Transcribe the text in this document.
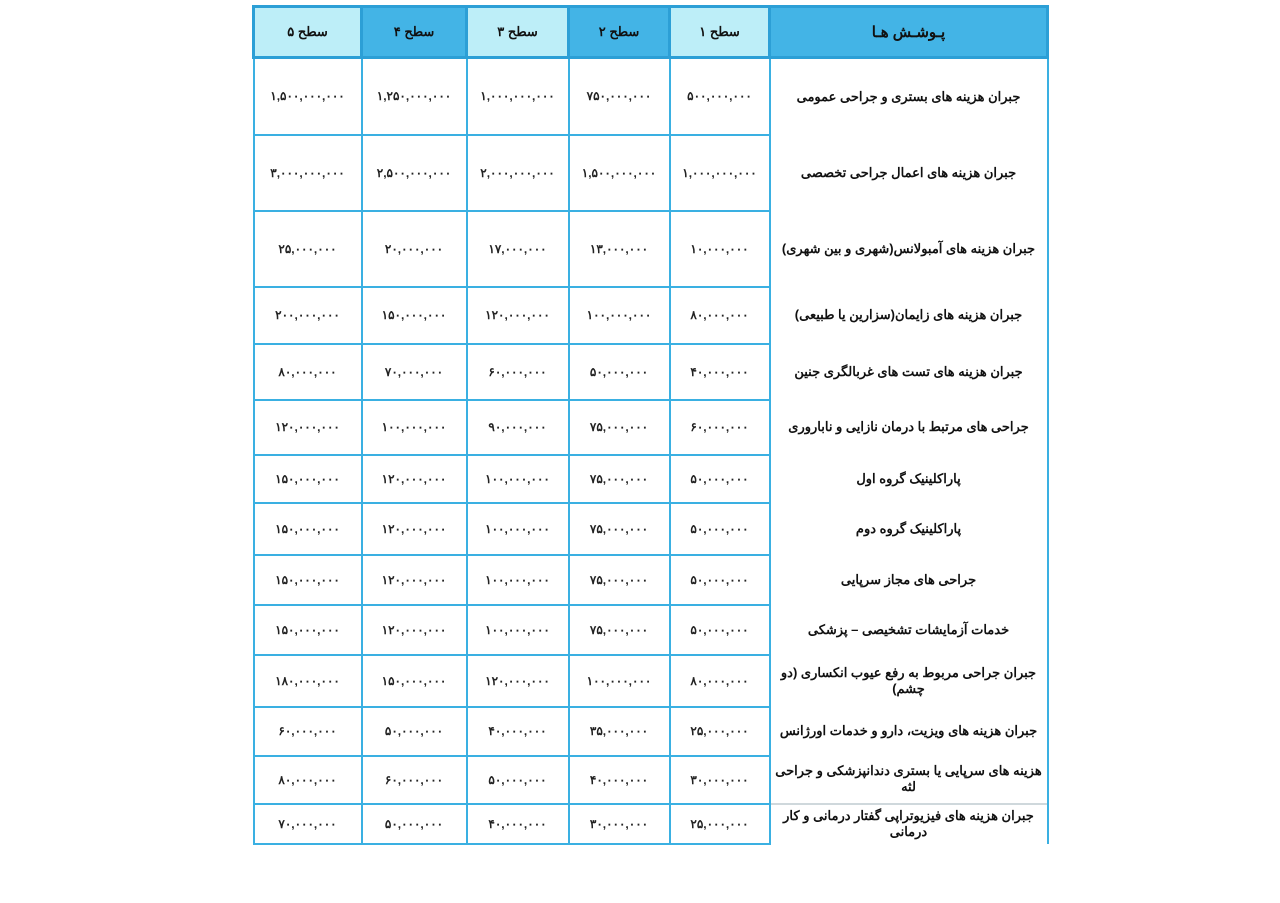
سطح ۵	سطح ۴	سطح ۳	سطح ۲	سطح ۱	پـوشـش هـا
۱,۵۰۰,۰۰۰,۰۰۰	۱,۲۵۰,۰۰۰,۰۰۰	۱,۰۰۰,۰۰۰,۰۰۰	۷۵۰,۰۰۰,۰۰۰	۵۰۰,۰۰۰,۰۰۰	جبران هزینه های بستری و جراحی عمومی
۳,۰۰۰,۰۰۰,۰۰۰	۲,۵۰۰,۰۰۰,۰۰۰	۲,۰۰۰,۰۰۰,۰۰۰	۱,۵۰۰,۰۰۰,۰۰۰	۱,۰۰۰,۰۰۰,۰۰۰	جبران هزینه های اعمال جراحی تخصصی
۲۵,۰۰۰,۰۰۰	۲۰,۰۰۰,۰۰۰	۱۷,۰۰۰,۰۰۰	۱۳,۰۰۰,۰۰۰	۱۰,۰۰۰,۰۰۰	جبران هزینه های آمبولانس(شهری و بین شهری)
۲۰۰,۰۰۰,۰۰۰	۱۵۰,۰۰۰,۰۰۰	۱۲۰,۰۰۰,۰۰۰	۱۰۰,۰۰۰,۰۰۰	۸۰,۰۰۰,۰۰۰	جبران هزینه های زایمان(سزارین یا طبیعی)
۸۰,۰۰۰,۰۰۰	۷۰,۰۰۰,۰۰۰	۶۰,۰۰۰,۰۰۰	۵۰,۰۰۰,۰۰۰	۴۰,۰۰۰,۰۰۰	جبران هزینه های تست های غربالگری جنین
۱۲۰,۰۰۰,۰۰۰	۱۰۰,۰۰۰,۰۰۰	۹۰,۰۰۰,۰۰۰	۷۵,۰۰۰,۰۰۰	۶۰,۰۰۰,۰۰۰	جراحی های مرتبط با درمان نازایی و ناباروری
۱۵۰,۰۰۰,۰۰۰	۱۲۰,۰۰۰,۰۰۰	۱۰۰,۰۰۰,۰۰۰	۷۵,۰۰۰,۰۰۰	۵۰,۰۰۰,۰۰۰	پاراکلینیک گروه اول
۱۵۰,۰۰۰,۰۰۰	۱۲۰,۰۰۰,۰۰۰	۱۰۰,۰۰۰,۰۰۰	۷۵,۰۰۰,۰۰۰	۵۰,۰۰۰,۰۰۰	پاراکلینیک گروه دوم
۱۵۰,۰۰۰,۰۰۰	۱۲۰,۰۰۰,۰۰۰	۱۰۰,۰۰۰,۰۰۰	۷۵,۰۰۰,۰۰۰	۵۰,۰۰۰,۰۰۰	جراحی های مجاز سرپایی
۱۵۰,۰۰۰,۰۰۰	۱۲۰,۰۰۰,۰۰۰	۱۰۰,۰۰۰,۰۰۰	۷۵,۰۰۰,۰۰۰	۵۰,۰۰۰,۰۰۰	خدمات آزمایشات تشخیصی – پزشکی
۱۸۰,۰۰۰,۰۰۰	۱۵۰,۰۰۰,۰۰۰	۱۲۰,۰۰۰,۰۰۰	۱۰۰,۰۰۰,۰۰۰	۸۰,۰۰۰,۰۰۰	جبران جراحی مربوط به رفع عیوب انکساری (دو چشم)
۶۰,۰۰۰,۰۰۰	۵۰,۰۰۰,۰۰۰	۴۰,۰۰۰,۰۰۰	۳۵,۰۰۰,۰۰۰	۲۵,۰۰۰,۰۰۰	جبران هزینه های ویزیت، دارو و خدمات اورژانس
۸۰,۰۰۰,۰۰۰	۶۰,۰۰۰,۰۰۰	۵۰,۰۰۰,۰۰۰	۴۰,۰۰۰,۰۰۰	۳۰,۰۰۰,۰۰۰	هزینه های سرپایی یا بستری دندانپزشکی و جراحی لثه
۷۰,۰۰۰,۰۰۰	۵۰,۰۰۰,۰۰۰	۴۰,۰۰۰,۰۰۰	۳۰,۰۰۰,۰۰۰	۲۵,۰۰۰,۰۰۰	جبران هزینه های فیزیوتراپی گفتار درمانی و کار درمانی
